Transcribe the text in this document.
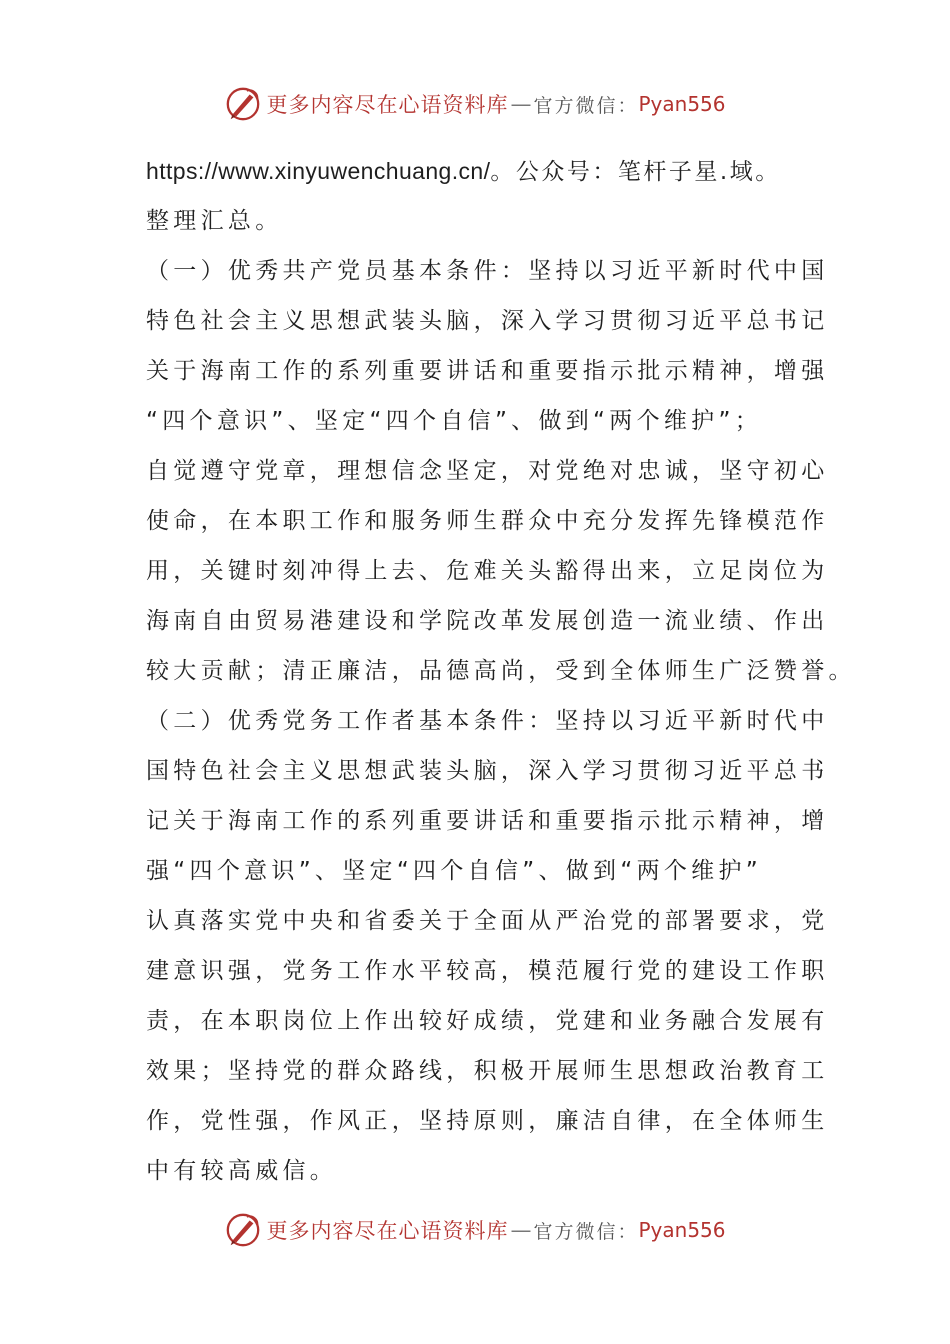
更多内容尽在心语资料库 — 官方微信： Pyan556
https://www.xinyuwenchuang.cn/。公众号：笔杆子星.域。
整理汇总。
（一）优秀共产党员基本条件：坚持以习近平新时代中国
特色社会主义思想武装头脑，深入学习贯彻习近平总书记
关于海南工作的系列重要讲话和重要指示批示精神，增强
“四个意识”、坚定“四个自信”、做到“两个维护”；
自觉遵守党章，理想信念坚定，对党绝对忠诚，坚守初心
使命，在本职工作和服务师生群众中充分发挥先锋模范作
用，关键时刻冲得上去、危难关头豁得出来，立足岗位为
海南自由贸易港建设和学院改革发展创造一流业绩、作出
较大贡献；清正廉洁，品德高尚，受到全体师生广泛赞誉。
（二）优秀党务工作者基本条件：坚持以习近平新时代中
国特色社会主义思想武装头脑，深入学习贯彻习近平总书
记关于海南工作的系列重要讲话和重要指示批示精神，增
强“四个意识”、坚定“四个自信”、做到“两个维护”
认真落实党中央和省委关于全面从严治党的部署要求，党
建意识强，党务工作水平较高，模范履行党的建设工作职
责，在本职岗位上作出较好成绩，党建和业务融合发展有
效果；坚持党的群众路线，积极开展师生思想政治教育工
作，党性强，作风正，坚持原则，廉洁自律，在全体师生
中有较高威信。
更多内容尽在心语资料库 — 官方微信： Pyan556
